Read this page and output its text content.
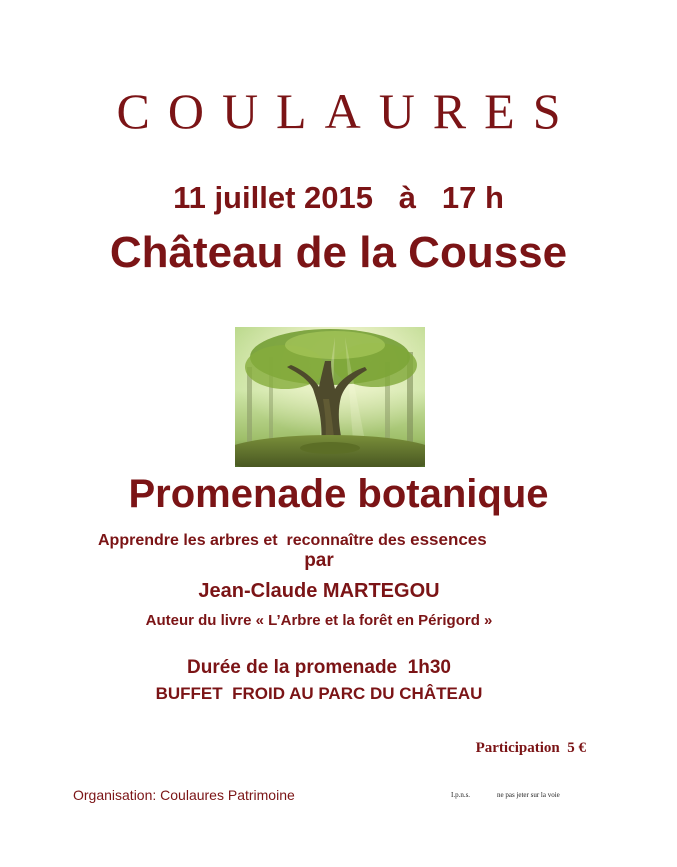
COULAURES
11 juillet 2015   à   17 h
Château de la Cousse
Promenade botanique
Apprendre les arbres et  reconnaître des essences
par
Jean-Claude MARTEGOU
Auteur du livre « L’Arbre et la forêt en Périgord »
Durée de la promenade  1h30
BUFFET  FROID AU PARC DU CHÂTEAU
Participation  5 €
Organisation: Coulaures Patrimoine	I.p.n.s.	ne pas jeter sur la voie
